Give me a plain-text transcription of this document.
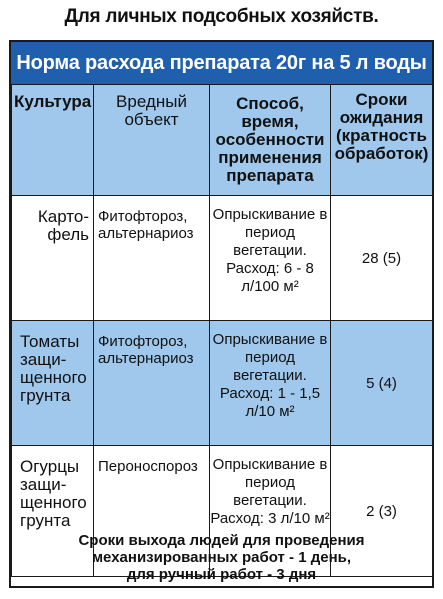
Для личных подсобных хозяйств.
Норма расхода препарата 20г на 5 л воды
Культура	Вредный объект	Способ, время, особенности применения препарата	Сроки ожидания (кратность обработок)
Карто-фель	Фитофтороз, альтернариоз	Опрыскивание в период вегетации. Расход: 6 - 8 л/100 м²	28 (5)
Томаты защи-щенного грунта	Фитофтороз, альтернариоз	Опрыскивание в период вегетации. Расход: 1 - 1,5 л/10 м²	5 (4)
Огурцы защи-щенного грунта	Пероноспороз	Опрыскивание в период вегетации. Расход: 3 л/10 м²	2 (3)
Сроки выхода людей для проведения
механизированных работ - 1 день,
для ручный работ - 3 дня
